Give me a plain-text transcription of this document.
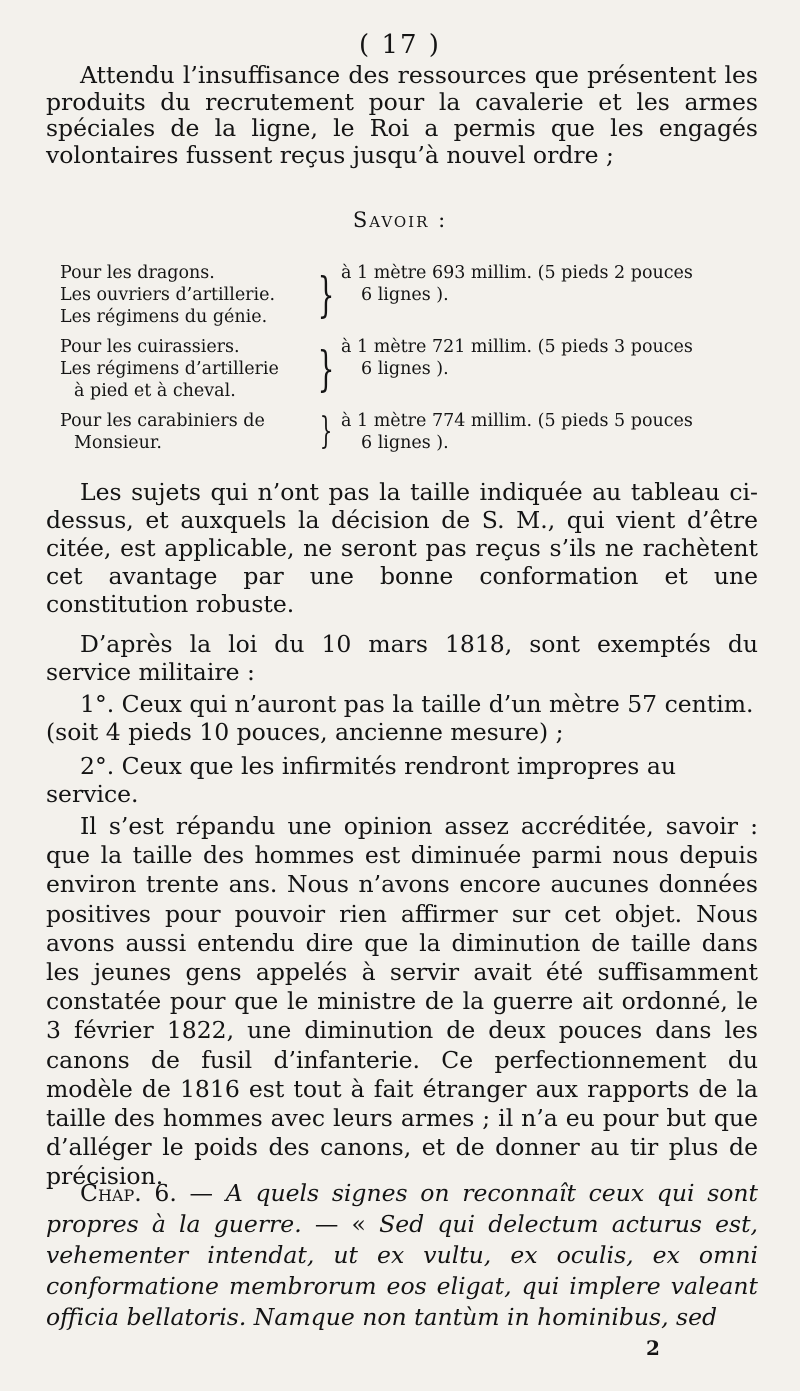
( 17 )

Attendu l’insuffisance des ressources que présentent les produits du recrutement pour la cavalerie et les armes spéciales de la ligne, le Roi a permis que les engagés volontaires fussent reçus jusqu’à nouvel ordre ;

Savoir :
Pour les dragons.
Les ouvriers d’artillerie.
Les régimens du génie.	} à 1 mètre 693 millim. (5 pieds 2 pouces
6 lignes ).
Pour les cuirassiers.
Les régimens d’artillerie
à pied et à cheval.	} à 1 mètre 721 millim. (5 pieds 3 pouces
6 lignes ).
Pour les carabiniers de
Monsieur.	} à 1 mètre 774 millim. (5 pieds 5 pouces
6 lignes ).

Les sujets qui n’ont pas la taille indiquée au tableau ci-dessus, et auxquels la décision de S. M., qui vient d’être citée, est applicable, ne seront pas reçus s’ils ne rachètent cet avantage par une bonne conformation et une constitution robuste.

D’après la loi du 10 mars 1818, sont exemptés du service militaire :

1°. Ceux qui n’auront pas la taille d’un mètre 57 centim. (soit 4 pieds 10 pouces, ancienne mesure) ;

2°. Ceux que les infirmités rendront impropres au service.

Il s’est répandu une opinion assez accréditée, savoir : que la taille des hommes est diminuée parmi nous depuis environ trente ans. Nous n’avons encore aucunes données positives pour pouvoir rien affirmer sur cet objet. Nous avons aussi entendu dire que la diminution de taille dans les jeunes gens appelés à servir avait été suffisamment constatée pour que le ministre de la guerre ait ordonné, le 3 février 1822, une diminution de deux pouces dans les canons de fusil d’infanterie. Ce perfectionnement du modèle de 1816 est tout à fait étranger aux rapports de la taille des hommes avec leurs armes ; il n’a eu pour but que d’alléger le poids des canons, et de donner au tir plus de précision.

Chap. 6. — A quels signes on reconnaît ceux qui sont propres à la guerre. — « Sed qui delectum acturus est, vehementer intendat, ut ex vultu, ex oculis, ex omni conformatione membrorum eos eligat, qui implere valeant officia bellatoris. Namque non tantùm in hominibus, sed

2
